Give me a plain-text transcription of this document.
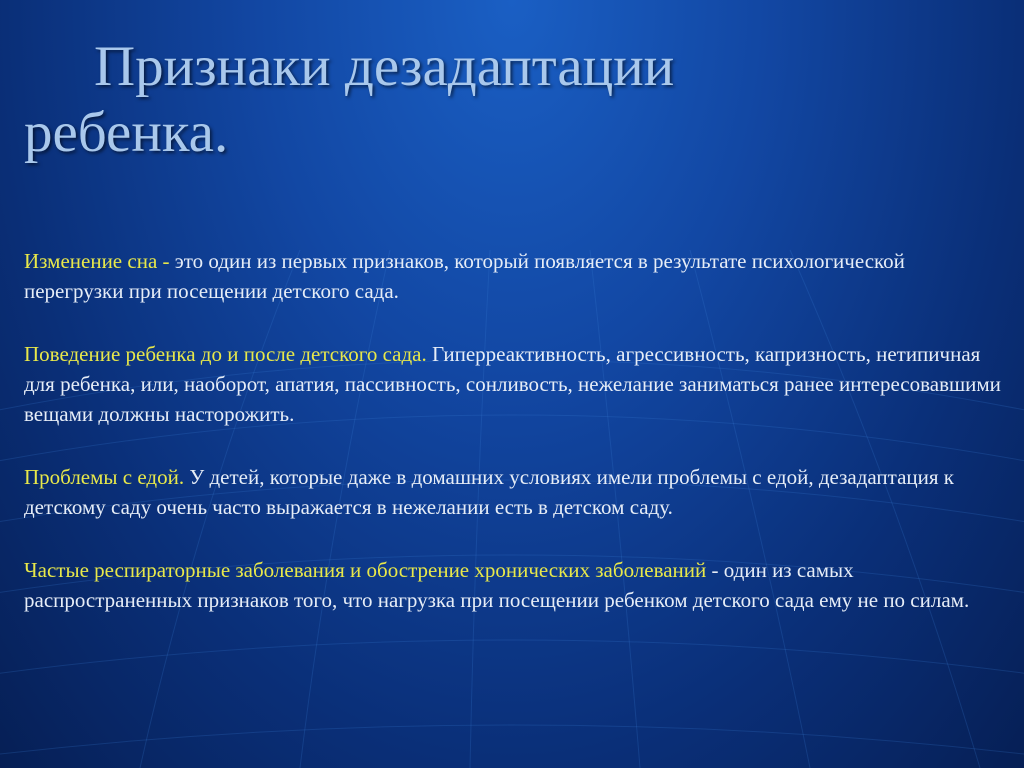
Признаки дезадаптации
ребенка.

Изменение сна - это один из первых признаков, который появляется в результате психологической перегрузки при посещении детского сада.

Поведение ребенка до и после детского сада. Гиперреактивность, агрессивность, капризность, нетипичная для ребенка, или, наоборот, апатия, пассивность, сонливость, нежелание заниматься ранее интересовавшими вещами должны насторожить.

Проблемы с едой. У детей, которые даже в домашних условиях имели проблемы с едой, дезадаптация к детскому саду очень часто выражается в нежелании есть в детском саду.

Частые респираторные заболевания и обострение хронических заболеваний - один из самых распространенных признаков того, что нагрузка при посещении ребенком детского сада ему не по силам.
